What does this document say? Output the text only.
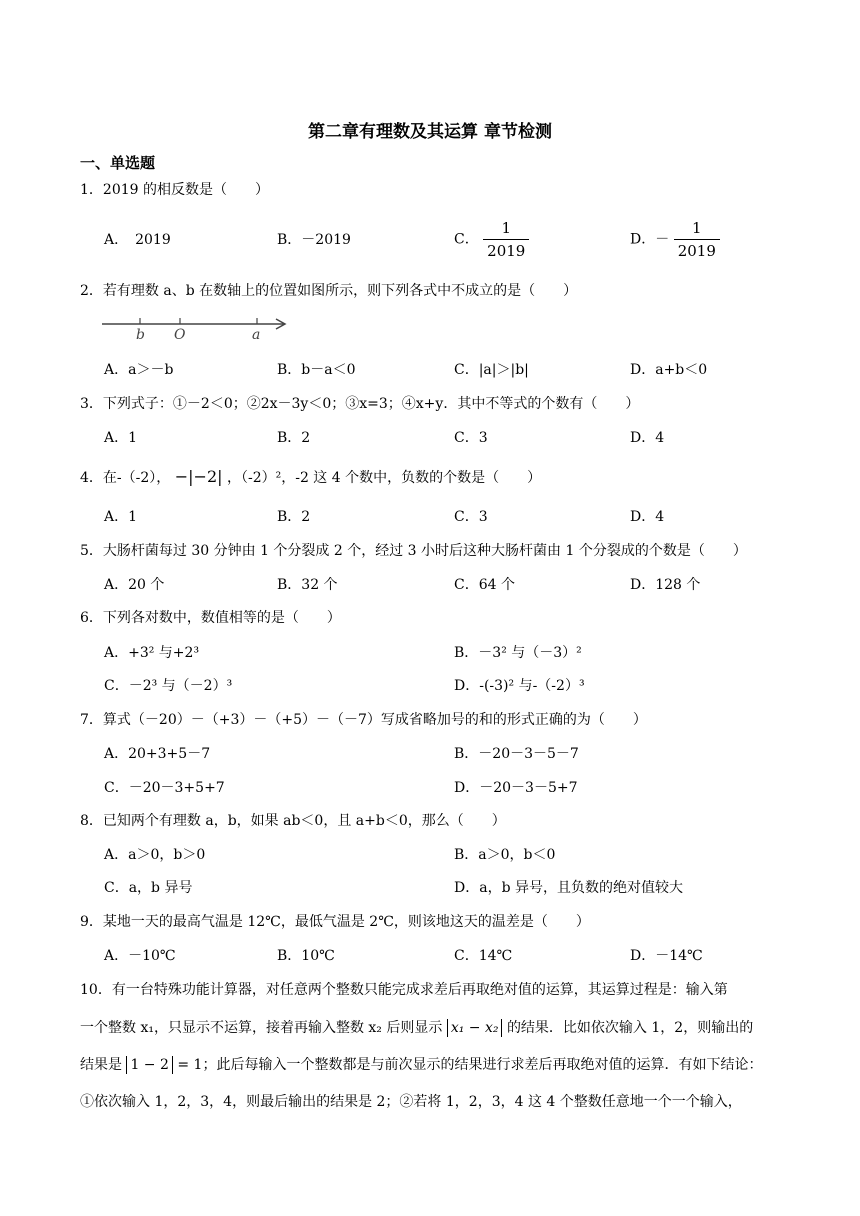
第二章有理数及其运算 章节检测
一、单选题
1．2019 的相反数是（　　）
A．　2019	B．－2019	C． $\frac{1}{2019}$	D．－ $\frac{1}{2019}$
2．若有理数 a、b 在数轴上的位置如图所示，则下列各式中不成立的是（　　）
b O	a
A．a＞－b	B．b－a＜0	C．|a|＞|b|	D．a+b＜0
3．下列式子：①－2＜0；②2x－3y＜0；③x=3；④x+y．其中不等式的个数有（　　）
A．1	B．2	C．3	D．4
4．在-（-2）， −|−2| ，（-2）²，-2 这 4 个数中，负数的个数是（　　）
A．1	B．2	C．3	D．4
5．大肠杆菌每过 30 分钟由 1 个分裂成 2 个，经过 3 小时后这种大肠杆菌由 1 个分裂成的个数是（　　）
A．20 个	B．32 个	C．64 个	D．128 个
6．下列各对数中，数值相等的是（　　）
A．+3² 与+2³	B．－3² 与（－3）²
C．－2³ 与（－2）³	D．-(-3)² 与-（-2）³
7．算式（－20）－（+3）－（+5）－（－7）写成省略加号的和的形式正确的为（　　）
A．20+3+5－7	B．－20－3－5－7
C．－20－3+5+7	D．－20－3－5+7
8．已知两个有理数 a，b，如果 ab＜0，且 a+b＜0，那么（　　）
A．a＞0，b＞0	B．a＞0，b＜0
C．a，b 异号	D．a，b 异号，且负数的绝对值较大
9．某地一天的最高气温是 12℃，最低气温是 2℃，则该地这天的温差是（　　）
A．－10℃	B．10℃	C．14℃	D．－14℃
10．有一台特殊功能计算器，对任意两个整数只能完成求差后再取绝对值的运算，其运算过程是：输入第
一个整数 x₁，只显示不运算，接着再输入整数 x₂ 后则显示 x₁ − x₂ 的结果．比如依次输入 1，2，则输出的
结果是 1 − 2 = 1；此后每输入一个整数都是与前次显示的结果进行求差后再取绝对值的运算．有如下结论：
①依次输入 1，2，3，4，则最后输出的结果是 2；②若将 1，2，3，4 这 4 个整数任意地一个一个输入，
